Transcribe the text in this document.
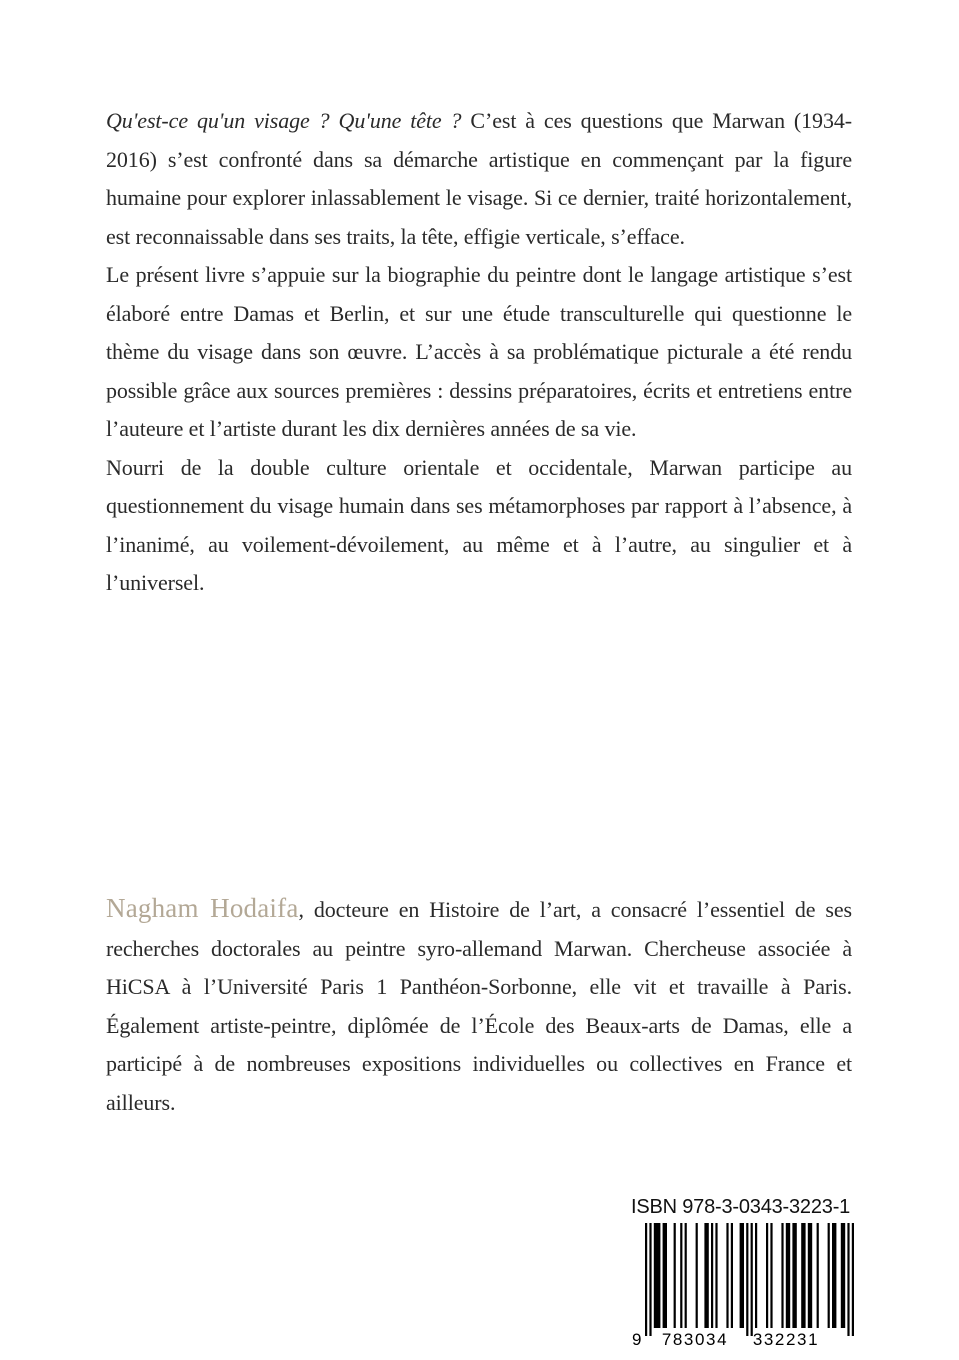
Qu'est-ce qu'un visage ? Qu'une tête ? C’est à ces questions que Marwan (1934-2016) s’est confronté dans sa démarche artistique en commençant par la figure humaine pour explorer inlassablement le visage. Si ce dernier, traité horizontalement, est reconnaissable dans ses traits, la tête, effigie verticale, s’efface.

Le présent livre s’appuie sur la biographie du peintre dont le langage artistique s’est élaboré entre Damas et Berlin, et sur une étude transculturelle qui questionne le thème du visage dans son œuvre. L’accès à sa problématique picturale a été rendu possible grâce aux sources premières : dessins préparatoires, écrits et entretiens entre l’auteure et l’artiste durant les dix dernières années de sa vie.

Nourri de la double culture orientale et occidentale, Marwan participe au questionnement du visage humain dans ses métamorphoses par rapport à l’absence, à l’inanimé, au voilement-dévoilement, au même et à l’autre, au singulier et à l’universel.

Nagham Hodaifa, docteure en Histoire de l’art, a consacré l’essentiel de ses recherches doctorales au peintre syro-allemand Marwan. Chercheuse associée à HiCSA à l’Université Paris 1 Panthéon-Sorbonne, elle vit et travaille à Paris. Également artiste-peintre, diplômée de l’École des Beaux-arts de Damas, elle a participé à de nombreuses expositions individuelles ou collectives en France et ailleurs.

ISBN 978-3-0343-3223-1
9 783034 332231
